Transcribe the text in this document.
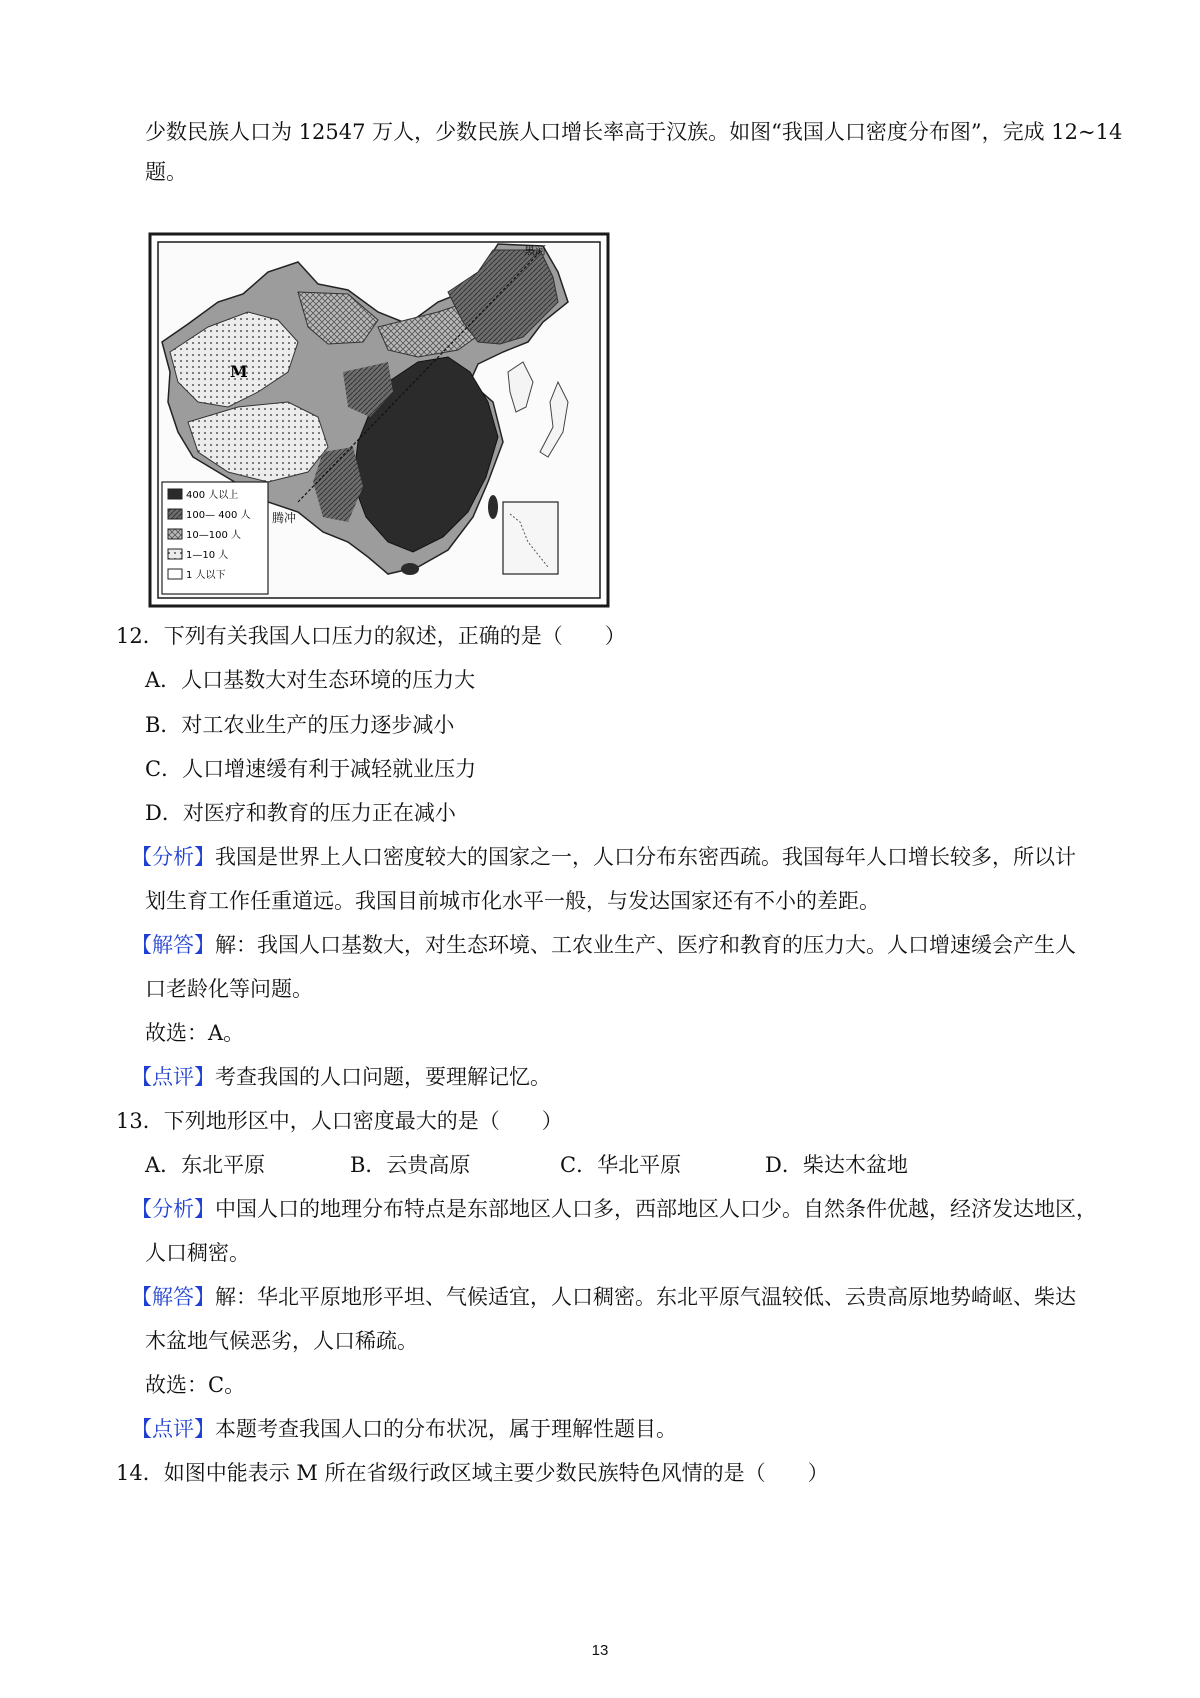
少数民族人口为 12547 万人，少数民族人口增长率高于汉族。如图“我国人口密度分布图”，完成 12~14
题。
400 人以上
100— 400 人
10—100 人
1—10 人
1 人以下
M
腾冲
黑河
12．下列有关我国人口压力的叙述，正确的是（　　）
A．人口基数大对生态环境的压力大
B．对工农业生产的压力逐步减小
C．人口增速缓有利于减轻就业压力
D．对医疗和教育的压力正在减小
【分析】我国是世界上人口密度较大的国家之一，人口分布东密西疏。我国每年人口增长较多，所以计
划生育工作任重道远。我国目前城市化水平一般，与发达国家还有不小的差距。
【解答】解：我国人口基数大，对生态环境、工农业生产、医疗和教育的压力大。人口增速缓会产生人
口老龄化等问题。
故选：A。
【点评】考查我国的人口问题，要理解记忆。
13．下列地形区中，人口密度最大的是（　　）
A．东北平原	B．云贵高原	C．华北平原	D．柴达木盆地
【分析】中国人口的地理分布特点是东部地区人口多，西部地区人口少。自然条件优越，经济发达地区，
人口稠密。
【解答】解：华北平原地形平坦、气候适宜，人口稠密。东北平原气温较低、云贵高原地势崎岖、柴达
木盆地气候恶劣，人口稀疏。
故选：C。
【点评】本题考查我国人口的分布状况，属于理解性题目。
14．如图中能表示 M 所在省级行政区域主要少数民族特色风情的是（　　）
13
